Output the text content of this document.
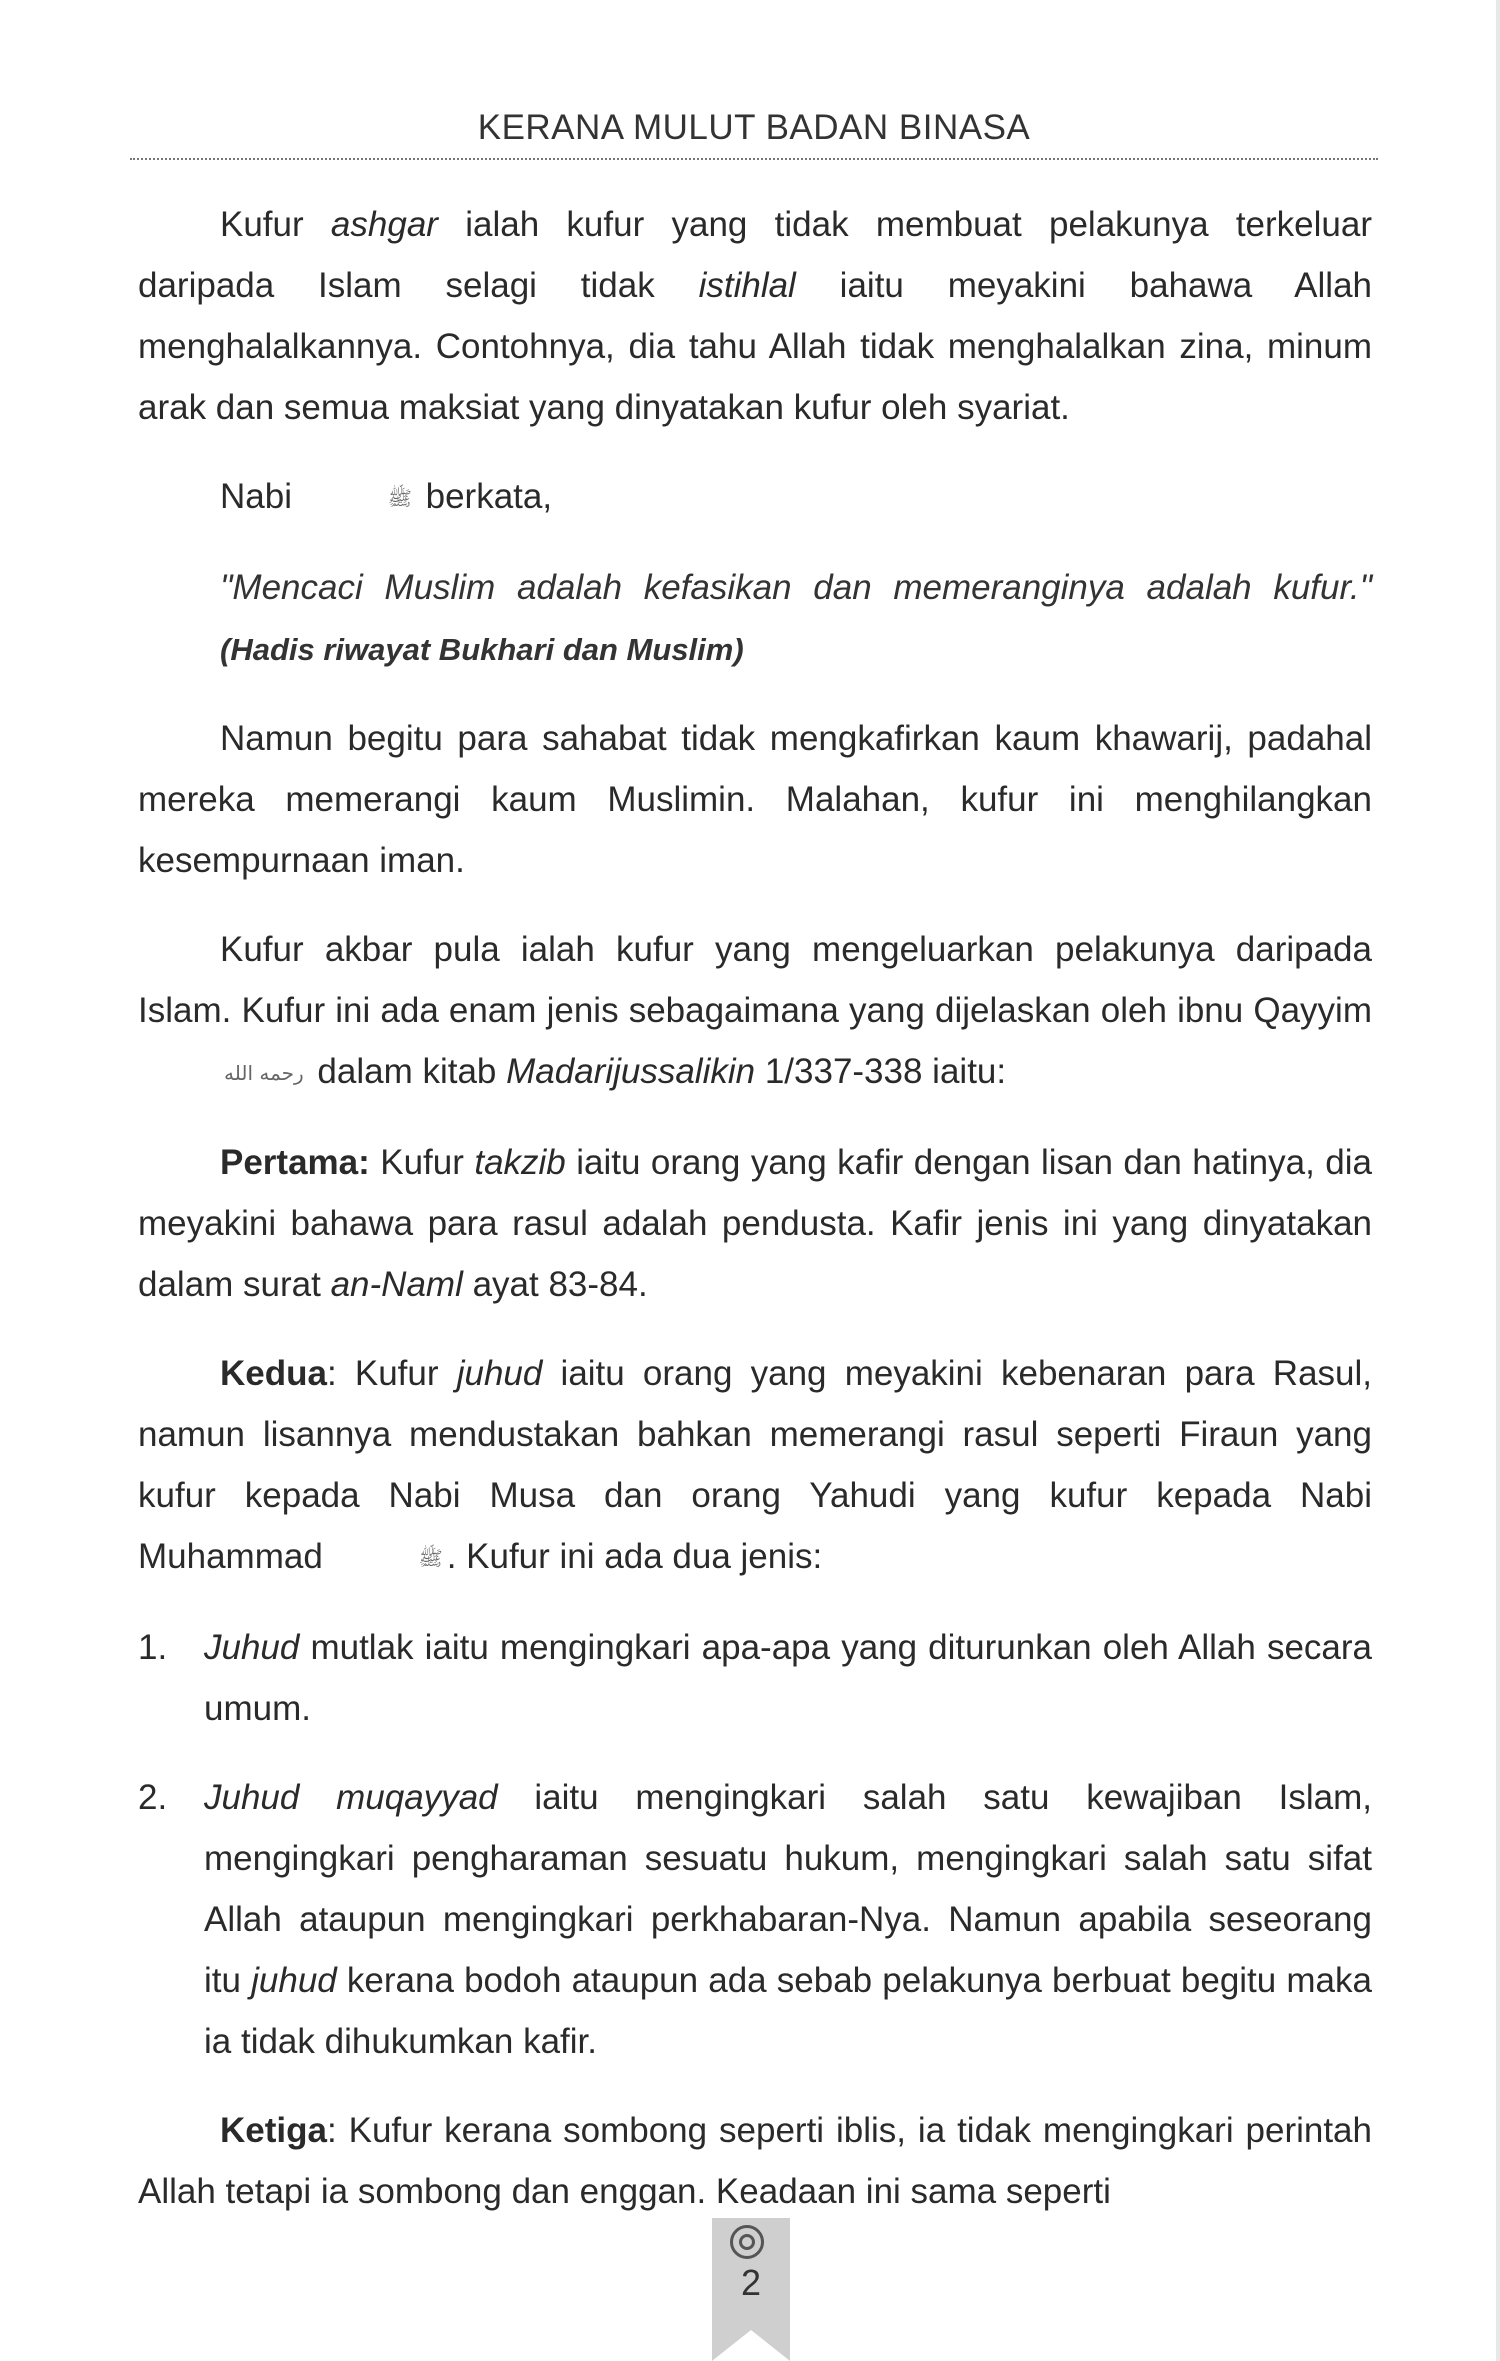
KERANA MULUT BADAN BINASA

Kufur ashgar ialah kufur yang tidak membuat pelakunya terkeluar daripada Islam selagi tidak istihlal iaitu meyakini bahawa Allah menghalalkannya. Contohnya, dia tahu Allah tidak menghalalkan zina, minum arak dan semua maksiat yang dinyatakan kufur oleh syariat.

Nabi	ﷺ berkata,

"Mencaci Muslim adalah kefasikan dan memeranginya adalah kufur." (Hadis riwayat Bukhari dan Muslim)

Namun begitu para sahabat tidak mengkafirkan kaum khawarij, padahal mereka memerangi kaum Muslimin. Malahan, kufur ini menghilangkan kesempurnaan iman.

Kufur akbar pula ialah kufur yang mengeluarkan pelakunya daripada Islam. Kufur ini ada enam jenis sebagaimana yang dijelaskan oleh ibnu Qayyim رحمه الله dalam kitab Madarijussalikin 1/337-338 iaitu:

Pertama: Kufur takzib iaitu orang yang kafir dengan lisan dan hatinya, dia meyakini bahawa para rasul adalah pendusta. Kafir jenis ini yang dinyatakan dalam surat an-Naml ayat 83-84.

Kedua: Kufur juhud iaitu orang yang meyakini kebenaran para Rasul, namun lisannya mendustakan bahkan memerangi rasul seperti Firaun yang kufur kepada Nabi Musa dan orang Yahudi yang kufur kepada Nabi Muhammad	ﷺ . Kufur ini ada dua jenis:

1. Juhud mutlak iaitu mengingkari apa-apa yang diturunkan oleh Allah secara umum.

2. Juhud muqayyad iaitu mengingkari salah satu kewajiban Islam, mengingkari pengharaman sesuatu hukum, mengingkari salah satu sifat Allah ataupun mengingkari perkhabaran-Nya. Namun apabila seseorang itu juhud kerana bodoh ataupun ada sebab pelakunya berbuat begitu maka ia tidak dihukumkan kafir.

Ketiga: Kufur kerana sombong seperti iblis, ia tidak mengingkari perintah Allah tetapi ia sombong dan enggan. Keadaan ini sama seperti

2
